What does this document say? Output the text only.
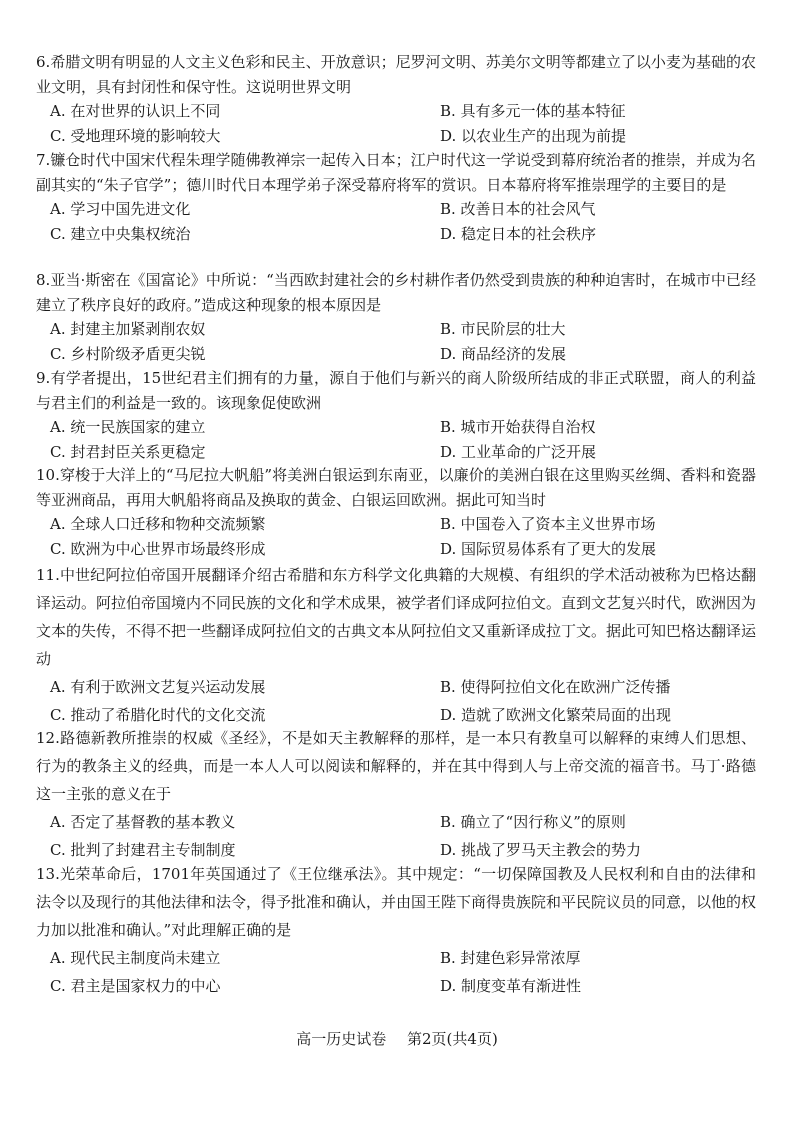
6.希腊文明有明显的人文主义色彩和民主、开放意识；尼罗河文明、苏美尔文明等都建立了以小麦为基础的农业文明，具有封闭性和保守性。这说明世界文明

A. 在对世界的认识上不同	B. 具有多元一体的基本特征
C. 受地理环境的影响较大	D. 以农业生产的出现为前提

7.镰仓时代中国宋代程朱理学随佛教禅宗一起传入日本；江户时代这一学说受到幕府统治者的推崇，并成为名副其实的“朱子官学”；德川时代日本理学弟子深受幕府将军的赏识。日本幕府将军推崇理学的主要目的是

A. 学习中国先进文化	B. 改善日本的社会风气
C. 建立中央集权统治	D. 稳定日本的社会秩序

8.亚当·斯密在《国富论》中所说：“当西欧封建社会的乡村耕作者仍然受到贵族的种种迫害时，在城市中已经建立了秩序良好的政府。”造成这种现象的根本原因是

A. 封建主加紧剥削农奴	B. 市民阶层的壮大
C. 乡村阶级矛盾更尖锐	D. 商品经济的发展

9.有学者提出，15世纪君主们拥有的力量，源自于他们与新兴的商人阶级所结成的非正式联盟，商人的利益与君主们的利益是一致的。该现象促使欧洲

A. 统一民族国家的建立	B. 城市开始获得自治权
C. 封君封臣关系更稳定	D. 工业革命的广泛开展

10.穿梭于大洋上的“马尼拉大帆船”将美洲白银运到东南亚，以廉价的美洲白银在这里购买丝绸、香料和瓷器等亚洲商品，再用大帆船将商品及换取的黄金、白银运回欧洲。据此可知当时

A. 全球人口迁移和物种交流频繁	B. 中国卷入了资本主义世界市场
C. 欧洲为中心世界市场最终形成	D. 国际贸易体系有了更大的发展

11.中世纪阿拉伯帝国开展翻译介绍古希腊和东方科学文化典籍的大规模、有组织的学术活动被称为巴格达翻译运动。阿拉伯帝国境内不同民族的文化和学术成果，被学者们译成阿拉伯文。直到文艺复兴时代，欧洲因为文本的失传，不得不把一些翻译成阿拉伯文的古典文本从阿拉伯文又重新译成拉丁文。据此可知巴格达翻译运动

A. 有利于欧洲文艺复兴运动发展	B. 使得阿拉伯文化在欧洲广泛传播
C. 推动了希腊化时代的文化交流	D. 造就了欧洲文化繁荣局面的出现

12.路德新教所推崇的权威《圣经》，不是如天主教解释的那样，是一本只有教皇可以解释的束缚人们思想、行为的教条主义的经典，而是一本人人可以阅读和解释的，并在其中得到人与上帝交流的福音书。马丁·路德这一主张的意义在于

A. 否定了基督教的基本教义	B. 确立了“因行称义”的原则
C. 批判了封建君主专制制度	D. 挑战了罗马天主教会的势力

13.光荣革命后，1701年英国通过了《王位继承法》。其中规定：“一切保障国教及人民权利和自由的法律和法令以及现行的其他法律和法令，得予批准和确认，并由国王陛下商得贵族院和平民院议员的同意，以他的权力加以批准和确认。”对此理解正确的是

A. 现代民主制度尚未建立	B. 封建色彩异常浓厚
C. 君主是国家权力的中心	D. 制度变革有渐进性
高一历史试卷 第2页(共4页)
